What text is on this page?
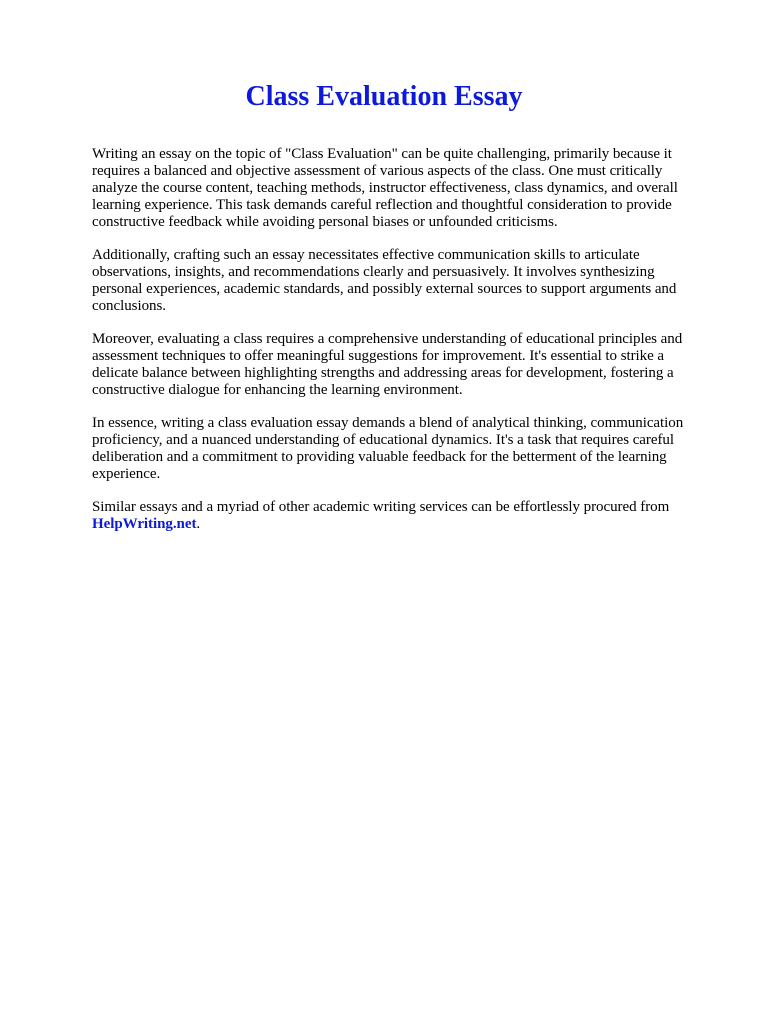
Class Evaluation Essay

Writing an essay on the topic of "Class Evaluation" can be quite challenging, primarily because it
requires a balanced and objective assessment of various aspects of the class. One must critically
analyze the course content, teaching methods, instructor effectiveness, class dynamics, and overall
learning experience. This task demands careful reflection and thoughtful consideration to provide
constructive feedback while avoiding personal biases or unfounded criticisms.

Additionally, crafting such an essay necessitates effective communication skills to articulate
observations, insights, and recommendations clearly and persuasively. It involves synthesizing
personal experiences, academic standards, and possibly external sources to support arguments and
conclusions.

Moreover, evaluating a class requires a comprehensive understanding of educational principles and
assessment techniques to offer meaningful suggestions for improvement. It's essential to strike a
delicate balance between highlighting strengths and addressing areas for development, fostering a
constructive dialogue for enhancing the learning environment.

In essence, writing a class evaluation essay demands a blend of analytical thinking, communication
proficiency, and a nuanced understanding of educational dynamics. It's a task that requires careful
deliberation and a commitment to providing valuable feedback for the betterment of the learning
experience.

Similar essays and a myriad of other academic writing services can be effortlessly procured from
HelpWriting.net.
